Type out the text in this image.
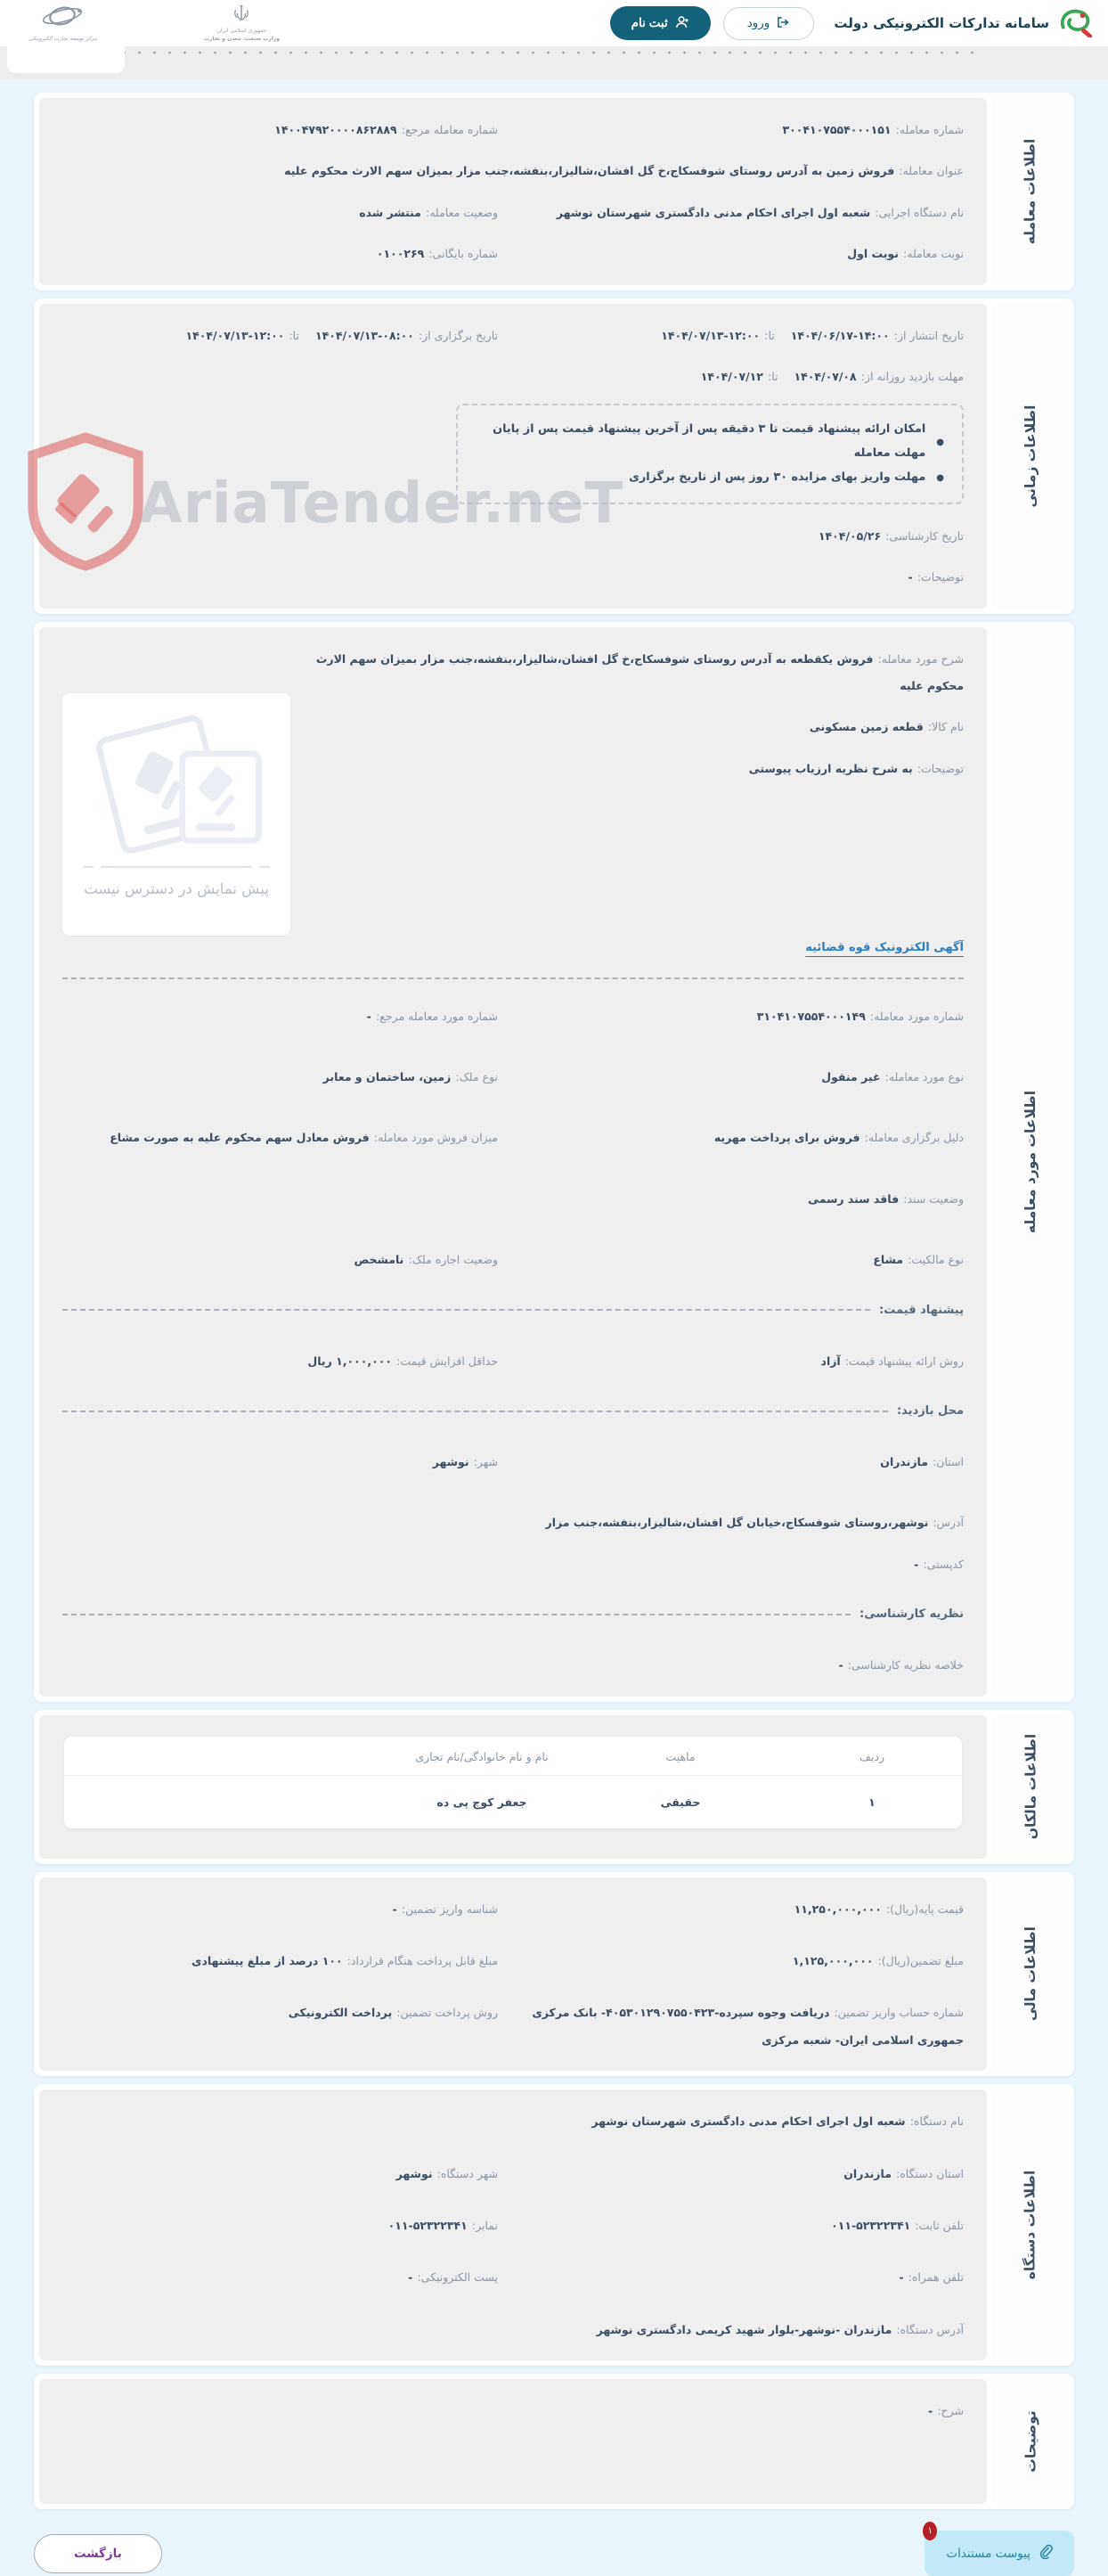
سامانه تدارکات الکترونیکی دولت
ورود
ثبت نام
جمهوری اسلامی ایران
وزارت صنعت، معدن و تجارت
مرکز توسعه تجارت الکترونیکی
AriaTender.neT
اطلاعات معامله
شماره معامله: ۳۰۰۴۱۰۷۵۵۴۰۰۰۱۵۱
شماره معامله مرجع: ۱۴۰۰۴۷۹۲۰۰۰۰۸۶۲۸۸۹
عنوان معامله: فروش زمین به آدرس روستای شوفسکاج،خ گل افشان،شالیزار،بنفشه،جنب مزار بمیزان سهم الارث محکوم علیه
نام دستگاه اجرایی: شعبه اول اجرای احکام مدنی دادگستری شهرستان نوشهر
وضعیت معامله: منتشر شده
نوبت معامله: نوبت اول
شماره بایگانی: ۰۱۰۰۲۶۹
اطلاعات زمانی
تاریخ انتشار از: ۱۴۰۴/۰۶/۱۷-۱۴:۰۰تا: ۱۴۰۴/۰۷/۱۳-۱۲:۰۰
تاریخ برگزاری از: ۱۴۰۴/۰۷/۱۳-۰۸:۰۰تا: ۱۴۰۴/۰۷/۱۳-۱۲:۰۰
مهلت بازدید روزانه از: ۱۴۰۴/۰۷/۰۸تا: ۱۴۰۴/۰۷/۱۲
●
امکان ارائه پیشنهاد قیمت تا ۳ دقیقه پس از آخرین پیشنهاد قیمت پس از پایان مهلت معامله
●
مهلت واریز بهای مزایده ۳۰ روز پس از تاریخ برگزاری
تاریخ کارشناسی: ۱۴۰۴/۰۵/۲۶
توضیحات: -
اطلاعات مورد معامله
شرح مورد معامله: فروش یکقطعه به آدرس روستای شوفسکاج،خ گل افشان،شالیزار،بنفشه،جنب مزار بمیزان سهم الارث محکوم علیه
نام کالا: قطعه زمین مسکونی
توضیحات: به شرح نظریه ارزیاب پیوستی
پیش نمایش در دسترس نیست
آگهی الکترونیک قوه قضائیه
شماره مورد معامله: ۳۱۰۴۱۰۷۵۵۴۰۰۰۱۴۹
شماره مورد معامله مرجع: -
نوع مورد معامله: غیر منقول
نوع ملک: زمین، ساختمان و معابر
دلیل برگزاری معامله: فروش برای پرداخت مهریه
میزان فروش مورد معامله: فروش معادل سهم محکوم علیه به صورت مشاع
وضعیت سند: فاقد سند رسمی
نوع مالکیت: مشاع
وضعیت اجاره ملک: نامشخص
پیشنهاد قیمت:
روش ارائه پیشنهاد قیمت: آزاد
حداقل افزایش قیمت: ۱,۰۰۰,۰۰۰ ریال
محل بازدید:
استان: مازندران
شهر: نوشهر
آدرس: نوشهر،روستای شوفسکاج،خیابان گل افشان،شالیزار،بنفشه،جنب مزار
کدپستی: -
نظریه کارشناسی:
خلاصه نظریه کارشناسی: -
اطلاعات مالکان
ردیف
ماهیت
نام و نام خانوادگی/نام تجاری
۱
حقیقی
جعفر کوچ پی ده
اطلاعات مالی
قیمت پایه(ریال): ۱۱,۲۵۰,۰۰۰,۰۰۰
شناسه واریز تضمین: -
مبلغ تضمین(ریال): ۱,۱۲۵,۰۰۰,۰۰۰
مبلغ قابل پرداخت هنگام قرارداد: ۱۰۰ درصد از مبلغ پیشنهادی
شماره حساب واریز تضمین: دریافت وجوه سپرده-۴۰۵۳۰۱۲۹۰۷۵۵۰۴۲۳- بانک مرکزی جمهوری اسلامی ایران- شعبه مرکزی
روش پرداخت تضمین: پرداخت الکترونیکی
اطلاعات دستگاه
نام دستگاه: شعبه اول اجرای احکام مدنی دادگستری شهرستان نوشهر
استان دستگاه: مازندران
شهر دستگاه: نوشهر
تلفن ثابت: ۰۱۱-۵۲۳۲۲۳۴۱
نمابر: ۰۱۱-۵۲۳۲۲۳۴۱
تلفن همراه: -
پست الکترونیکی: -
آدرس دستگاه: مازندران -نوشهر-بلوار شهید کریمی دادگستری نوشهر
توضیحات
شرح: -
۱
پیوست مستندات
بازگشت
